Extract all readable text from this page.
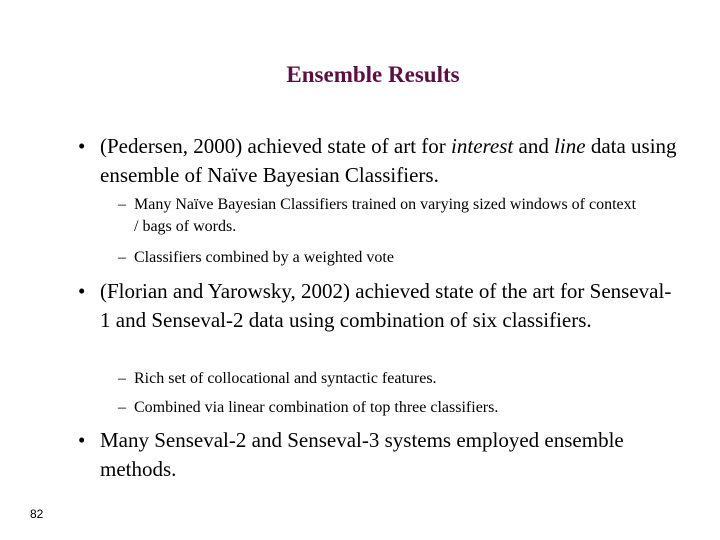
Ensemble Results
• (Pedersen, 2000) achieved state of art for interest and line data using ensemble of Naïve Bayesian Classifiers.
– Many Naïve Bayesian Classifiers trained on varying sized windows of context / bags of words.
– Classifiers combined by a weighted vote
• (Florian and Yarowsky, 2002) achieved state of the art for Senseval-1 and Senseval-2 data using combination of six classifiers.
– Rich set of collocational and syntactic features.
– Combined via linear combination of top three classifiers.
• Many Senseval-2 and Senseval-3 systems employed ensemble methods.
82
